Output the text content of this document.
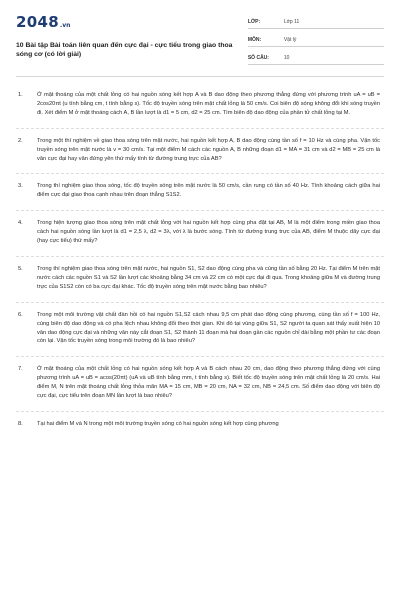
2048.vn
10 Bài tập Bài toán liên quan đến cực đại - cực tiểu trong giao thoa sóng cơ (có lời giải)
LỚP:	Lớp 11
MÔN:	Vật lý
SỐ CÂU:	10
1.	Ở mặt thoáng của một chất lỏng có hai nguồn sóng kết hợp A và B dao động theo phương thẳng đứng với phương trình uA = uB = 2cos20πt (u tính bằng cm, t tính bằng s). Tốc độ truyền sóng trên mặt chất lỏng là 50 cm/s. Coi biên độ sóng không đổi khi sóng truyền đi. Xét điểm M ở mặt thoáng cách A, B lần lượt là d1 = 5 cm, d2 = 25 cm. Tìm biên độ dao động của phần tử chất lỏng tại M.
2.	Trong một thí nghiệm về giao thoa sóng trên mặt nước, hai nguồn kết hợp A, B dao động cùng tần số f = 10 Hz và cùng pha. Vận tốc truyền sóng trên mặt nước là v = 30 cm/s. Tại một điểm M cách các nguồn A, B những đoạn d1 = MA = 31 cm và d2 = MB = 25 cm là vân cực đại hay vân đứng yên thứ mấy tính từ đường trung trực của AB?
3.	Trong thí nghiệm giao thoa sóng, tốc độ truyền sóng trên mặt nước là 50 cm/s, cần rung có tần số 40 Hz. Tính khoảng cách giữa hai điểm cực đại giao thoa cạnh nhau trên đoạn thẳng S1S2.
4.	Trong hiện tượng giao thoa sóng trên mặt chất lỏng với hai nguồn kết hợp cùng pha đặt tại AB, M là một điểm trong miền giao thoa cách hai nguồn sóng lần lượt là d1 = 2,5 λ, d2 = 3λ, với λ là bước sóng. Tính từ đường trung trực của AB, điểm M thuộc dãy cực đại (hay cực tiểu) thứ mấy?
5.	Trong thí nghiệm giao thoa sóng trên mặt nước, hai nguồn S1, S2 dao động cùng pha và cùng tần số bằng 20 Hz. Tại điểm M trên mặt nước cách các nguồn S1 và S2 lần lượt các khoảng bằng 34 cm và 22 cm có một cực đại đi qua. Trong khoảng giữa M và đường trung trực của S1S2 còn có ba cực đại khác. Tốc độ truyền sóng trên mặt nước bằng bao nhiêu?
6.	Trong một môi trường vật chất đàn hồi có hai nguồn S1,S2 cách nhau 9,5 cm phát dao động cùng phương, cùng tần số f = 100 Hz, cùng biên độ dao động và có pha lệch nhau không đổi theo thời gian. Khi đó tại vùng giữa S1, S2 người ta quan sát thấy xuất hiện 10 vân dao động cực đại và những vân này cắt đoạn S1, S2 thành 11 đoạn mà hai đoạn gần các nguồn chỉ dài bằng một phần tư các đoạn còn lại. Vận tốc truyền sóng trong môi trường đó là bao nhiêu?
7.	Ở mặt thoáng của một chất lỏng có hai nguồn sóng kết hợp A và B cách nhau 20 cm, dao động theo phương thẳng đứng với cùng phương trình uA = uB = acos(20πt) (uA và uB tính bằng mm, t tính bằng s). Biết tốc độ truyền sóng trên mặt chất lỏng là 20 cm/s. Hai điểm M, N trên mặt thoáng chất lỏng thỏa mãn MA = 15 cm, MB = 20 cm, NA = 32 cm, NB = 24,5 cm. Số điểm dao động với biên độ cực đại, cực tiểu trên đoạn MN lần lượt là bao nhiêu?
8.	Tại hai điểm M và N trong một môi trường truyền sóng có hai nguồn sóng kết hợp cùng phương
